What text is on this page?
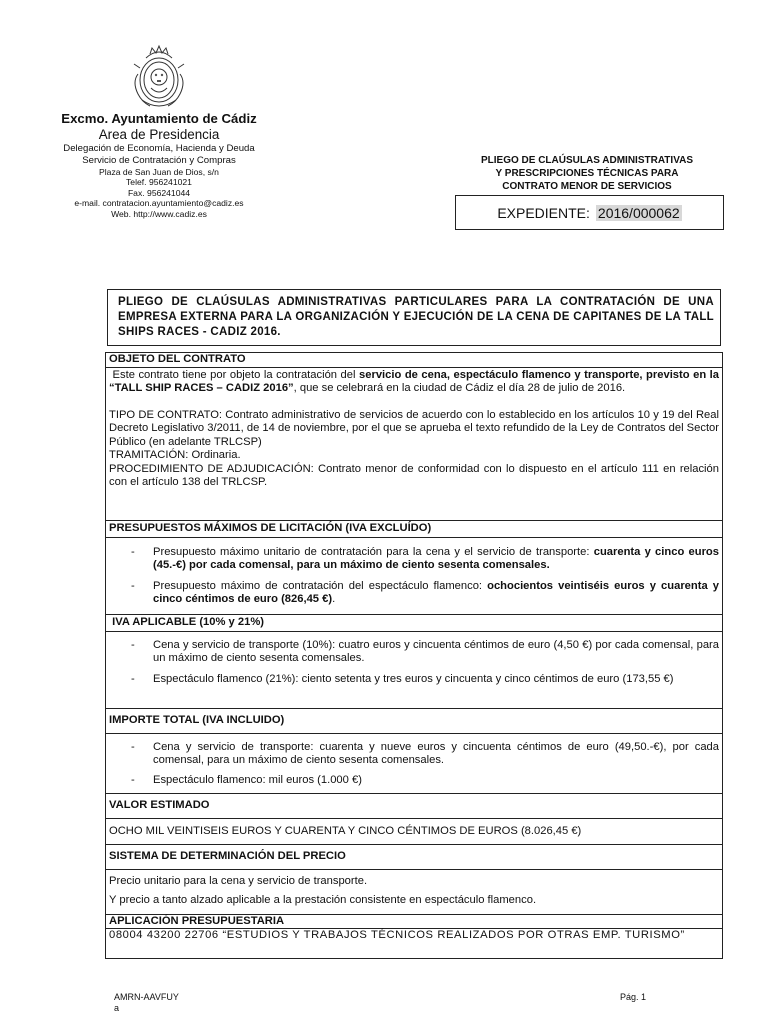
Excmo. Ayuntamiento de Cádiz
Area de Presidencia
Delegación de Economía, Hacienda y Deuda
Servicio de Contratación y Compras
Plaza de San Juan de Dios, s/n
Telef. 956241021
Fax. 956241044
e-mail. contratacion.ayuntamiento@cadiz.es
Web. http://www.cadiz.es
PLIEGO DE CLAÚSULAS ADMINISTRATIVAS
Y PRESCRIPCIONES TÉCNICAS PARA
CONTRATO MENOR DE SERVICIOS
EXPEDIENTE: 2016/000062
PLIEGO DE CLAÚSULAS ADMINISTRATIVAS PARTICULARES PARA LA CONTRATACIÓN DE UNA EMPRESA EXTERNA PARA LA ORGANIZACIÓN Y EJECUCIÓN DE LA CENA DE CAPITANES DE LA TALL SHIPS RACES - CADIZ 2016.
OBJETO DEL CONTRATO
Este contrato tiene por objeto la contratación del servicio de cena, espectáculo flamenco y transporte, previsto en la “TALL SHIP RACES – CADIZ 2016”, que se celebrará en la ciudad de Cádiz el día 28 de julio de 2016.
TIPO DE CONTRATO: Contrato administrativo de servicios de acuerdo con lo establecido en los artículos 10 y 19 del Real Decreto Legislativo 3/2011, de 14 de noviembre, por el que se aprueba el texto refundido de la Ley de Contratos del Sector Público (en adelante TRLCSP)
TRAMITACIÓN: Ordinaria.
PROCEDIMIENTO DE ADJUDICACIÓN: Contrato menor de conformidad con lo dispuesto en el artículo 111 en relación con el artículo 138 del TRLCSP.
PRESUPUESTOS MÁXIMOS DE LICITACIÓN (IVA EXCLUÍDO)
-	Presupuesto máximo unitario de contratación para la cena y el servicio de transporte: cuarenta y cinco euros (45.-€) por cada comensal, para un máximo de ciento sesenta comensales.
-	Presupuesto máximo de contratación del espectáculo flamenco: ochocientos veintiséis euros y cuarenta y cinco céntimos de euro (826,45 €).
IVA APLICABLE (10% y 21%)
-	Cena y servicio de transporte (10%): cuatro euros y cincuenta céntimos de euro (4,50 €) por cada comensal, para un máximo de ciento sesenta comensales.
-	Espectáculo flamenco (21%): ciento setenta y tres euros y cincuenta y cinco céntimos de euro (173,55 €)
IMPORTE TOTAL (IVA INCLUIDO)
-	Cena y servicio de transporte: cuarenta y nueve euros y cincuenta céntimos de euro (49,50.-€), por cada comensal, para un máximo de ciento sesenta comensales.
-	Espectáculo flamenco: mil euros (1.000 €)
VALOR ESTIMADO
OCHO MIL VEINTISEIS EUROS Y CUARENTA Y CINCO CÉNTIMOS DE EUROS (8.026,45 €)
SISTEMA DE DETERMINACIÓN DEL PRECIO
Precio unitario para la cena y servicio de transporte.
Y precio a tanto alzado aplicable a la prestación consistente en espectáculo flamenco.
APLICACIÓN PRESUPUESTARIA
08004 43200 22706 “ESTUDIOS Y TRABAJOS TÉCNICOS REALIZADOS POR OTRAS EMP. TURISMO”
AMRN-AAVFUY
a
Pág. 1
